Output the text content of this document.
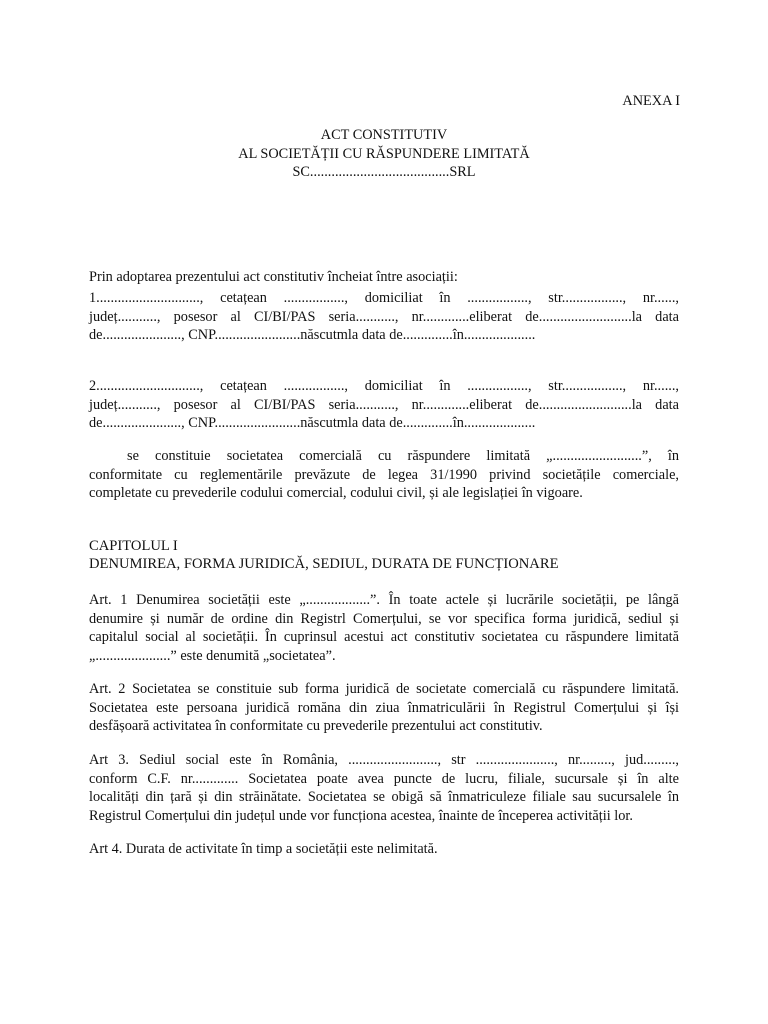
ANEXA I
ACT CONSTITUTIV
AL SOCIETĂȚII CU RĂSPUNDERE LIMITATĂ
SC.......................................SRL
Prin adoptarea prezentului act constitutiv încheiat între asociații:
1............................., cetațean ................., domiciliat în ................., str................., nr......,
județ..........., posesor al CI/BI/PAS seria..........., nr.............eliberat de..........................la data
de......................, CNP........................născutmla data de..............în....................
2............................., cetațean ................., domiciliat în ................., str................., nr......,
județ..........., posesor al CI/BI/PAS seria..........., nr.............eliberat de..........................la data
de......................, CNP........................născutmla data de..............în....................
se constituie societatea comercială cu răspundere limitată „.........................”, în
conformitate cu reglementările prevăzute de legea 31/1990 privind societățile comerciale,
completate cu prevederile codului comercial, codului civil, și ale legislației în vigoare.
CAPITOLUL I
DENUMIREA, FORMA JURIDICĂ, SEDIUL, DURATA DE FUNCȚIONARE
Art. 1 Denumirea societății este „..................”. În toate actele și lucrările societății, pe lângă
denumire și număr de ordine din Registrl Comerțului, se vor specifica forma juridică, sediul și
capitalul social al societății. În cuprinsul acestui act constitutiv societatea cu răspundere limitată
„.....................” este denumită „societatea”.
Art. 2 Societatea se constituie sub forma juridică de societate comercială cu răspundere limitată.
Societatea este persoana juridică romăna din ziua înmatriculării în Registrul Comerțului și își
desfășoară activitatea în conformitate cu prevederile prezentului act constitutiv.
Art 3. Sediul social este în România, ........................., str ......................, nr........., jud.........,
conform C.F. nr............. Societatea poate avea puncte de lucru, filiale, sucursale și în alte
localități din țară și din străinătate. Societatea se obigă să înmatriculeze filiale sau sucursalele în
Registrul Comerțului din județul unde vor funcționa acestea, înainte de începerea activității lor.
Art 4. Durata de activitate în timp a societății este nelimitată.
